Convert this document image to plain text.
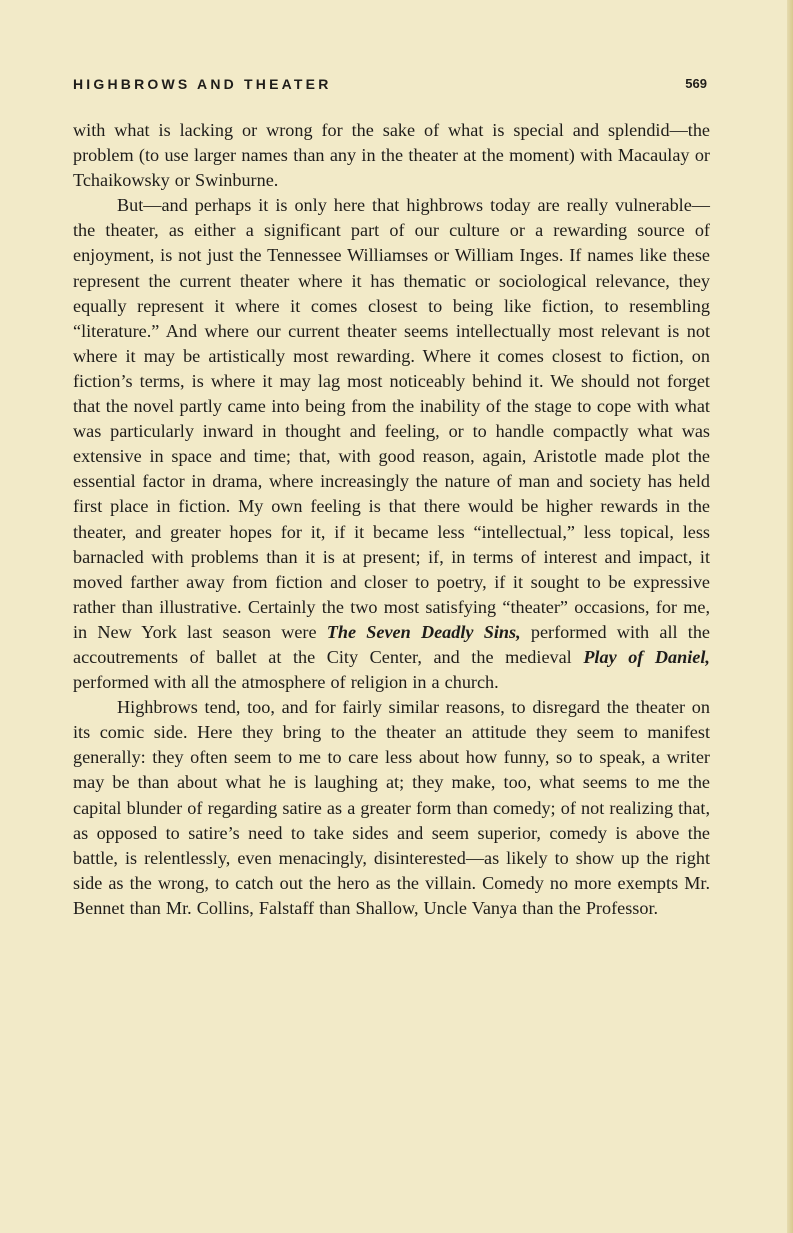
HIGHBROWS AND THEATER	569

with what is lacking or wrong for the sake of what is special and splendid—the problem (to use larger names than any in the theater at the moment) with Macaulay or Tchaikowsky or Swinburne.

But—and perhaps it is only here that highbrows today are really vulnerable—the theater, as either a significant part of our culture or a rewarding source of enjoyment, is not just the Tennessee Williamses or William Inges. If names like these represent the current theater where it has thematic or sociological relevance, they equally represent it where it comes closest to being like fiction, to resembling “literature.” And where our current theater seems intellectually most relevant is not where it may be artistically most rewarding. Where it comes closest to fiction, on fiction’s terms, is where it may lag most noticeably behind it. We should not forget that the novel partly came into being from the inability of the stage to cope with what was particularly inward in thought and feeling, or to handle compactly what was extensive in space and time; that, with good reason, again, Aristotle made plot the essential factor in drama, where increasingly the nature of man and society has held first place in fiction. My own feeling is that there would be higher rewards in the theater, and greater hopes for it, if it became less “intellectual,” less topical, less barnacled with problems than it is at present; if, in terms of interest and impact, it moved farther away from fiction and closer to poetry, if it sought to be expressive rather than illustrative. Certainly the two most satisfying “theater” occasions, for me, in New York last season were The Seven Deadly Sins, performed with all the accoutrements of ballet at the City Center, and the medieval Play of Daniel, performed with all the atmosphere of religion in a church.

Highbrows tend, too, and for fairly similar reasons, to disregard the theater on its comic side. Here they bring to the theater an attitude they seem to manifest generally: they often seem to me to care less about how funny, so to speak, a writer may be than about what he is laughing at; they make, too, what seems to me the capital blunder of regarding satire as a greater form than comedy; of not realizing that, as opposed to satire’s need to take sides and seem superior, comedy is above the battle, is relentlessly, even menacingly, disinterested—as likely to show up the right side as the wrong, to catch out the hero as the villain. Comedy no more exempts Mr. Bennet than Mr. Collins, Falstaff than Shallow, Uncle Vanya than the Professor.
